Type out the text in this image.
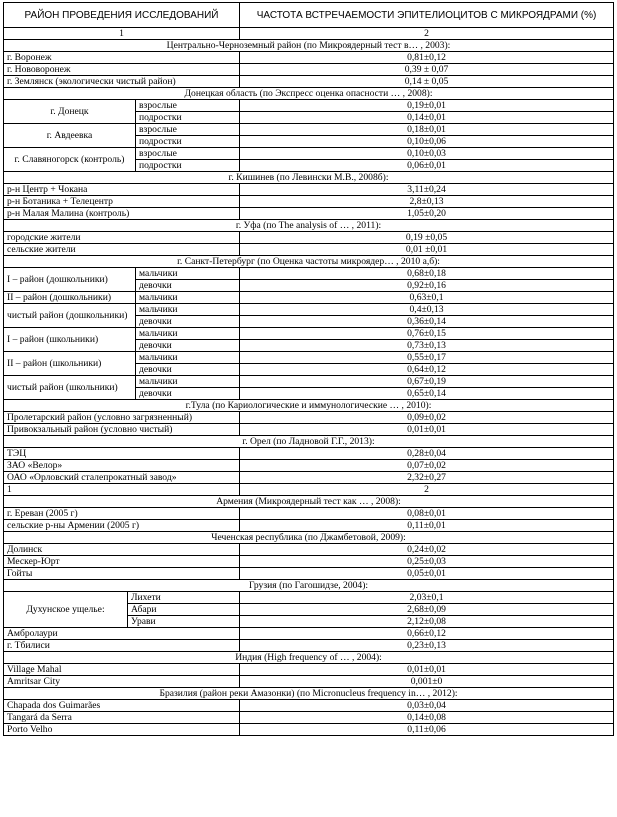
РАЙОН ПРОВЕДЕНИЯ ИССЛЕДОВАНИЙ			ЧАСТОТА ВСТРЕЧАЕМОСТИ ЭПИТЕЛИОЦИТОВ С МИКРОЯДРАМИ (%)
1			2
Центрально-Черноземный район (по Микроядерный тест в… , 2003):			
г. Воронеж			0,81±0,12
г. Нововоронеж			0,39 ± 0,07
г. Землянск (экологически чистый район)			0,14 ± 0,05
Донецкая область (по Экспресс оценка опасности … , 2008):			
г. Донецк		взрослые	0,19±0,01
		подростки	0,14±0,01
г. Авдеевка		взрослые	0,18±0,01
		подростки	0,10±0,06
г. Славяногорск (контроль)		взрослые	0,10±0,03
		подростки	0,06±0,01
г. Кишинев (по Левински М.В., 2008б):			
р-н Центр + Чокана			3,11±0,24
р-н Ботаника + Телецентр			2,8±0,13
р-н Малая Малина (контроль)			1,05±0,20
г. Уфа (по The analysis of … , 2011):			
городские жители			0,19 ±0,05
сельские жители			0,01 ±0,01
г. Санкт-Петербург (по Оценка частоты микроядер… , 2010 а,б):			
I – район (дошкольники)		мальчики	0,68±0,18
		девочки	0,92±0,16
II – район (дошкольники)		мальчики	0,63±0,1
чистый район (дошкольники)		мальчики	0,4±0,13
		девочки	0,36±0,14
I – район (школьники)		мальчики	0,76±0,15
		девочки	0,73±0,13
II – район (школьники)		мальчики	0,55±0,17
		девочки	0,64±0,12
чистый район (школьники)		мальчики	0,67±0,19
		девочки	0,65±0,14
г.Тула (по Кариологические и иммунологические … , 2010):			
Пролетарский район (условно загрязненный)			0,09±0,02
Привокзальный район (условно чистый)			0,01±0,01
г. Орел (по Ладновой Г.Г., 2013):			
ТЭЦ			0,28±0,04
ЗАО «Велор»			0,07±0,02
ОАО «Орловский сталепрокатный завод»			2,32±0,27
1			2
Армения (Микроядерный тест как … , 2008):			
г. Ереван (2005 г)			0,08±0,01
сельские р-ны Армении (2005 г)			0,11±0,01
Чеченская республика (по Джамбетовой, 2009):			
Долинск			0,24±0,02
Мескер-Юрт			0,25±0,03
Гойты			0,05±0,01
Грузия (по Гагошидзе, 2004):			
Духунское ущелье:	Лихети		2,03±0,1
	Абари		2,68±0,09
	Урави		2,12±0,08
Амбролаури			0,66±0,12
г. Тбилиси			0,23±0,13
Индия (High frequency of … , 2004):			
Village Mahal			0,01±0,01
Amritsar City			0,001±0
Бразилия (район реки Амазонки) (по Micronucleus frequency in… , 2012):			
Chapada dos Guimarães			0,03±0,04
Tangará da Serra			0,14±0,08
Porto Velho			0,11±0,06
